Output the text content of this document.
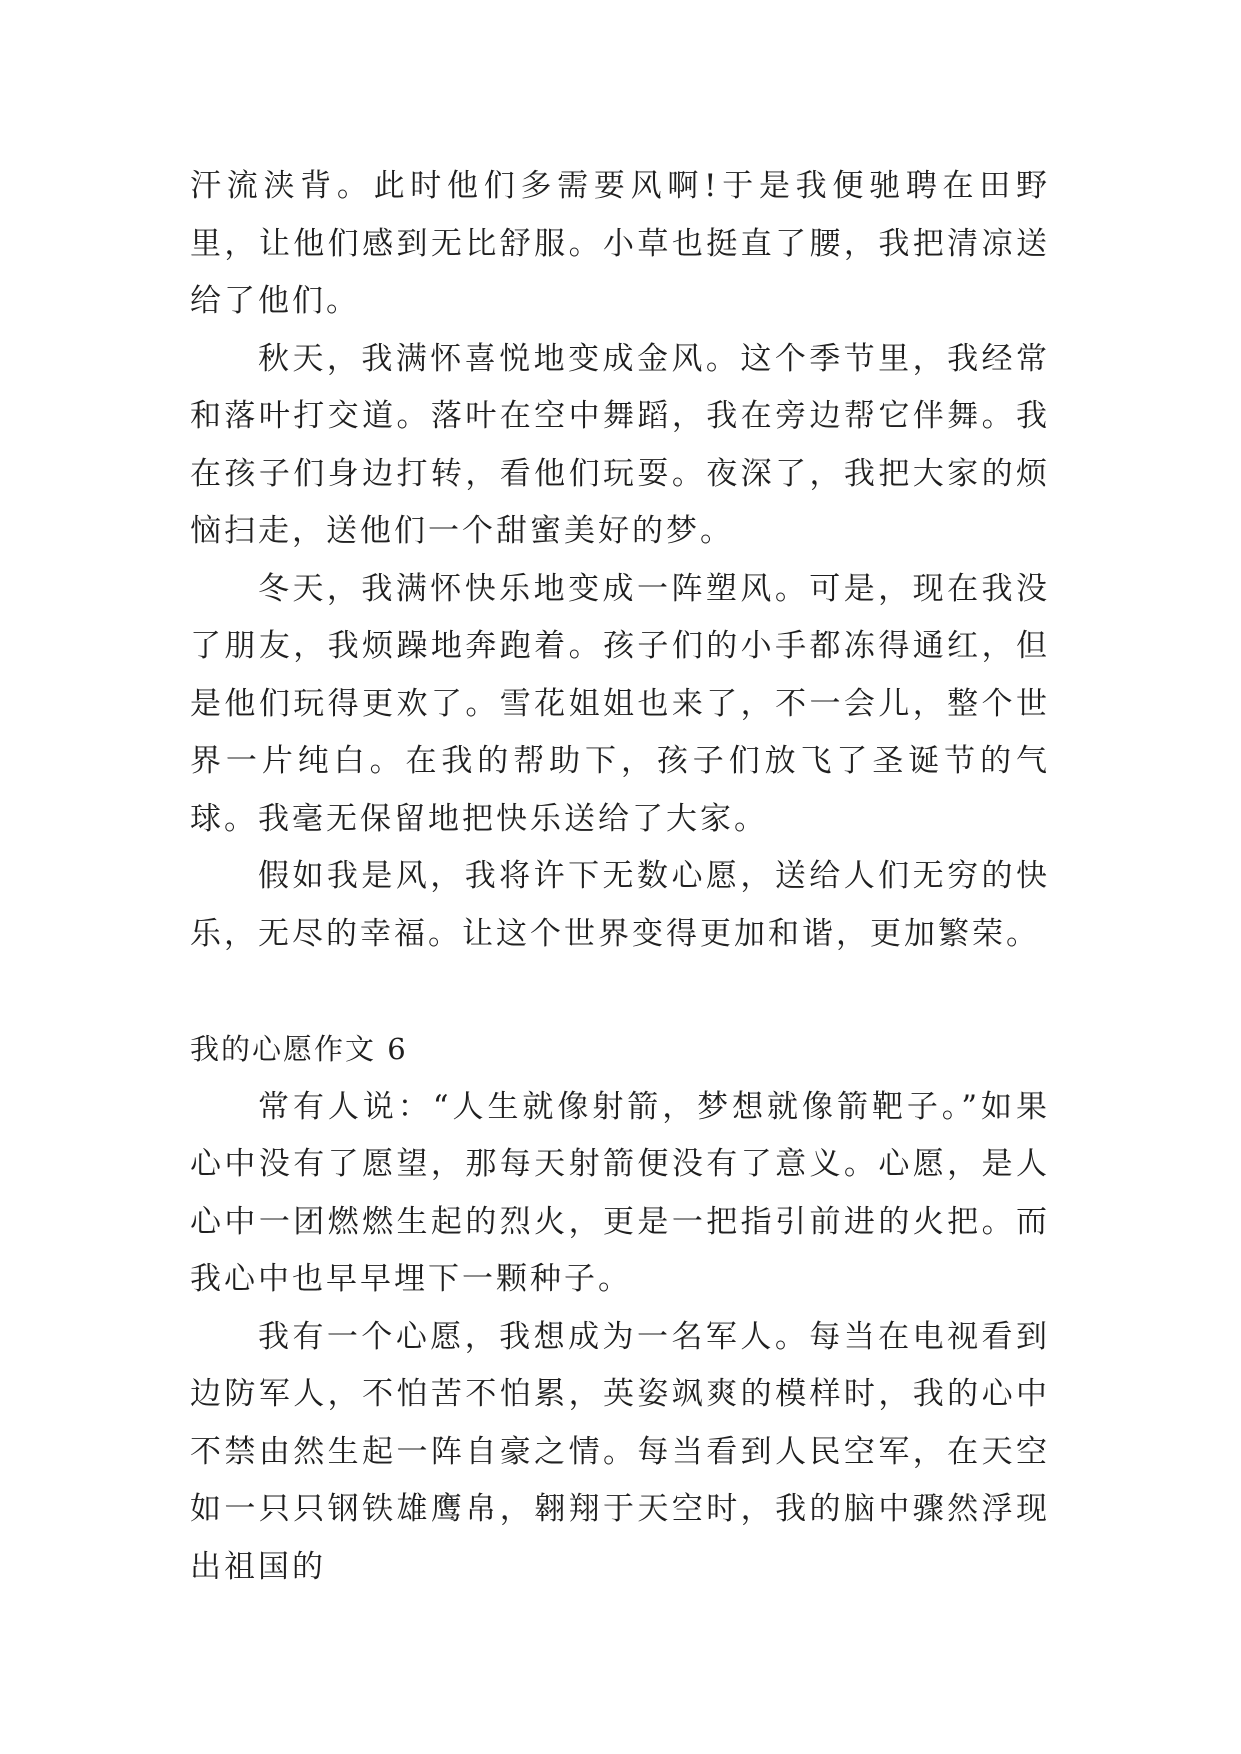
汗流浃背。此时他们多需要风啊!于是我便驰聘在田野里，让他们感到无比舒服。小草也挺直了腰，我把清凉送给了他们。

秋天，我满怀喜悦地变成金风。这个季节里，我经常和落叶打交道。落叶在空中舞蹈，我在旁边帮它伴舞。我在孩子们身边打转，看他们玩耍。夜深了，我把大家的烦恼扫走，送他们一个甜蜜美好的梦。

冬天，我满怀快乐地变成一阵塑风。可是，现在我没了朋友，我烦躁地奔跑着。孩子们的小手都冻得通红，但是他们玩得更欢了。雪花姐姐也来了，不一会儿，整个世界一片纯白。在我的帮助下，孩子们放飞了圣诞节的气球。我毫无保留地把快乐送给了大家。

假如我是风，我将许下无数心愿，送给人们无穷的快乐，无尽的幸福。让这个世界变得更加和谐，更加繁荣。

我的心愿作文 6

常有人说：“人生就像射箭，梦想就像箭靶子。”如果心中没有了愿望，那每天射箭便没有了意义。心愿，是人心中一团燃燃生起的烈火，更是一把指引前进的火把。而我心中也早早埋下一颗种子。

我有一个心愿，我想成为一名军人。每当在电视看到边防军人，不怕苦不怕累，英姿飒爽的模样时，我的心中不禁由然生起一阵自豪之情。每当看到人民空军，在天空如一只只钢铁雄鹰帛，翱翔于天空时，我的脑中骤然浮现出祖国的
